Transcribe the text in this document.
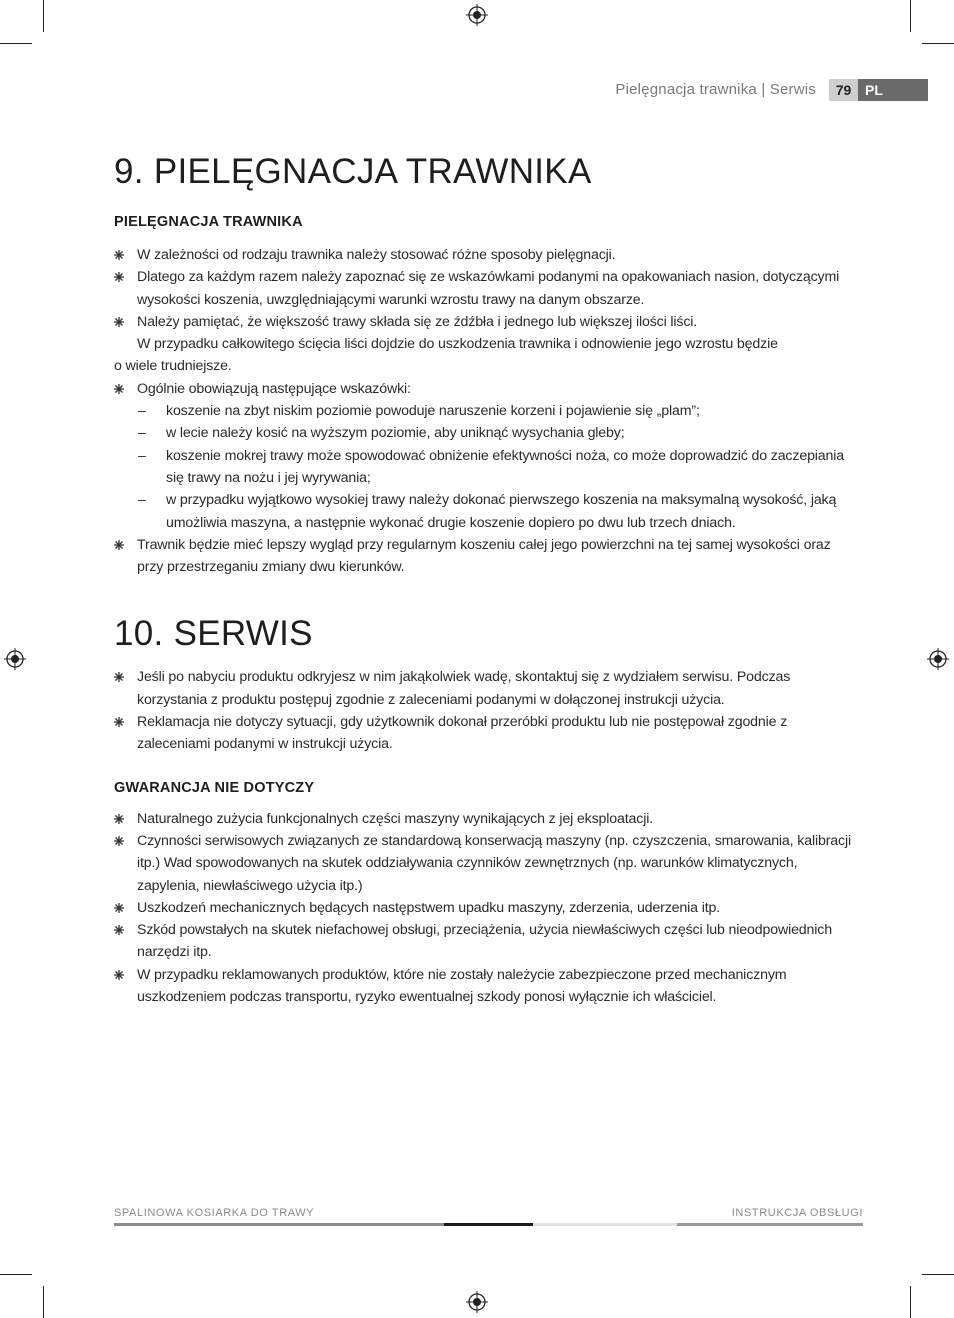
Pielęgnacja trawnika | Serwis	79 PL
9. PIELĘGNACJA TRAWNIKA
PIELĘGNACJA TRAWNIKA
W zależności od rodzaju trawnika należy stosować różne sposoby pielęgnacji.
Dlatego za każdym razem należy zapoznać się ze wskazówkami podanymi na opakowaniach nasion, dotyczącymi wysokości koszenia, uwzględniającymi warunki wzrostu trawy na danym obszarze.
Należy pamiętać, że większość trawy składa się ze źdźbła i jednego lub większej ilości liści.
W przypadku całkowitego ścięcia liści dojdzie do uszkodzenia trawnika i odnowienie jego wzrostu będzie
o wiele trudniejsze.
Ogólnie obowiązują następujące wskazówki:
– koszenie na zbyt niskim poziomie powoduje naruszenie korzeni i pojawienie się „plam”;
– w lecie należy kosić na wyższym poziomie, aby uniknąć wysychania gleby;
– koszenie mokrej trawy może spowodować obniżenie efektywności noża, co może doprowadzić do zaczepiania się trawy na nożu i jej wyrywania;
– w przypadku wyjątkowo wysokiej trawy należy dokonać pierwszego koszenia na maksymalną wysokość, jaką umożliwia maszyna, a następnie wykonać drugie koszenie dopiero po dwu lub trzech dniach.
Trawnik będzie mieć lepszy wygląd przy regularnym koszeniu całej jego powierzchni na tej samej wysokości oraz przy przestrzeganiu zmiany dwu kierunków.
10. SERWIS
Jeśli po nabyciu produktu odkryjesz w nim jakąkolwiek wadę, skontaktuj się z wydziałem serwisu. Podczas korzystania z produktu postępuj zgodnie z zaleceniami podanymi w dołączonej instrukcji użycia.
Reklamacja nie dotyczy sytuacji, gdy użytkownik dokonał przeróbki produktu lub nie postępował zgodnie z zaleceniami podanymi w instrukcji użycia.
GWARANCJA NIE DOTYCZY
Naturalnego zużycia funkcjonalnych części maszyny wynikających z jej eksploatacji.
Czynności serwisowych związanych ze standardową konserwacją maszyny (np. czyszczenia, smarowania, kalibracji itp.) Wad spowodowanych na skutek oddziaływania czynników zewnętrznych (np. warunków klimatycznych, zapylenia, niewłaściwego użycia itp.)
Uszkodzeń mechanicznych będących następstwem upadku maszyny, zderzenia, uderzenia itp.
Szkód powstałych na skutek niefachowej obsługi, przeciążenia, użycia niewłaściwych części lub nieodpowiednich narzędzi itp.
W przypadku reklamowanych produktów, które nie zostały należycie zabezpieczone przed mechanicznym uszkodzeniem podczas transportu, ryzyko ewentualnej szkody ponosi wyłącznie ich właściciel.
SPALINOWA KOSIARKA DO TRAWY	INSTRUKCJA OBSŁUGI
